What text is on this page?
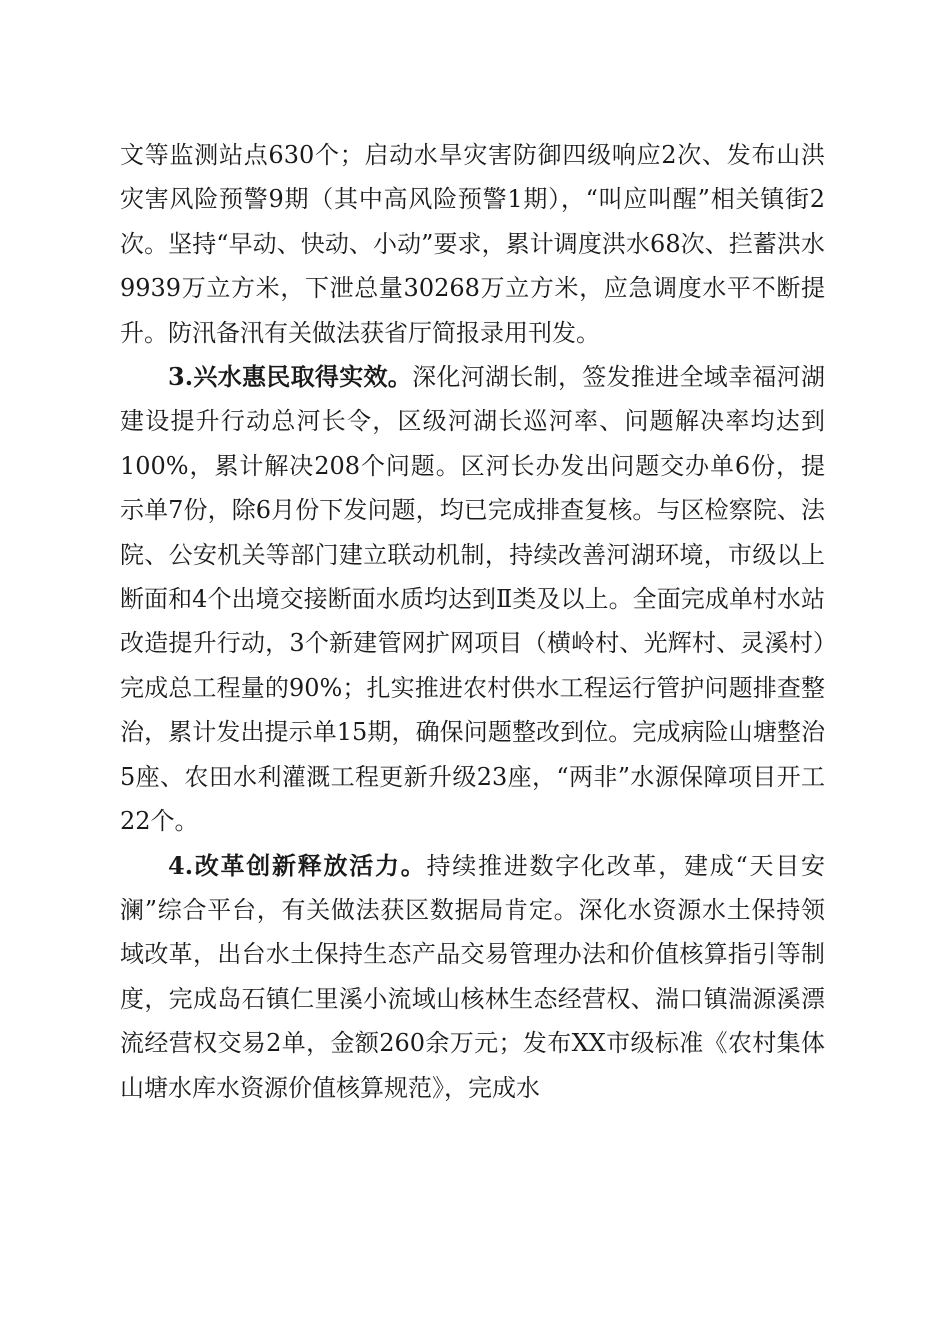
文等监测站点630个；启动水旱灾害防御四级响应2次、发布山洪灾害风险预警9期（其中高风险预警1期），“叫应叫醒”相关镇街2次。坚持“早动、快动、小动”要求，累计调度洪水68次、拦蓄洪水9939万立方米，下泄总量30268万立方米，应急调度水平不断提升。防汛备汛有关做法获省厅简报录用刊发。

3.兴水惠民取得实效。深化河湖长制，签发推进全域幸福河湖建设提升行动总河长令，区级河湖长巡河率、问题解决率均达到100%，累计解决208个问题。区河长办发出问题交办单6份，提示单7份，除6月份下发问题，均已完成排查复核。与区检察院、法院、公安机关等部门建立联动机制，持续改善河湖环境，市级以上断面和4个出境交接断面水质均达到Ⅱ类及以上。全面完成单村水站改造提升行动，3个新建管网扩网项目（横岭村、光辉村、灵溪村）完成总工程量的90%；扎实推进农村供水工程运行管护问题排查整治，累计发出提示单15期，确保问题整改到位。完成病险山塘整治5座、农田水利灌溉工程更新升级23座，“两非”水源保障项目开工22个。

4.改革创新释放活力。持续推进数字化改革，建成“天目安澜”综合平台，有关做法获区数据局肯定。深化水资源水土保持领域改革，出台水土保持生态产品交易管理办法和价值核算指引等制度，完成岛石镇仁里溪小流域山核林生态经营权、湍口镇湍源溪漂流经营权交易2单，金额260余万元；发布XX市级标准《农村集体山塘水库水资源价值核算规范》，完成水
